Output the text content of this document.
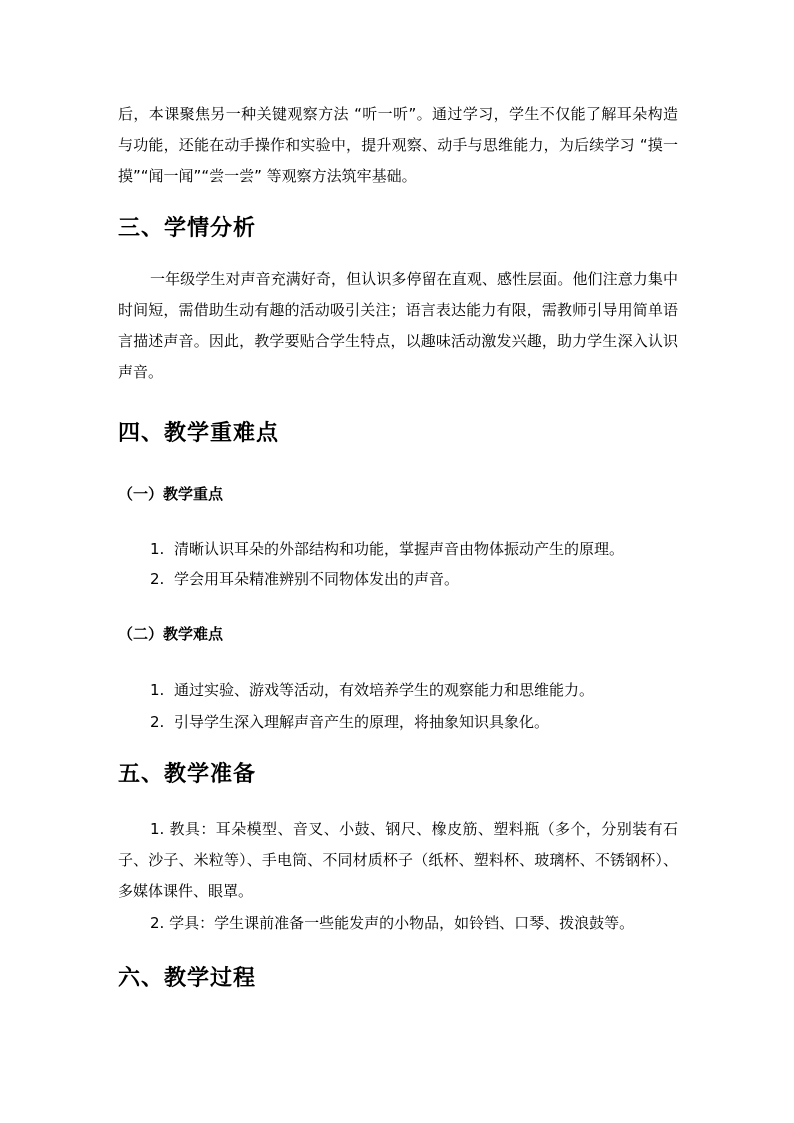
后，本课聚焦另一种关键观察方法 “听一听”。通过学习，学生不仅能了解耳朵构造与功能，还能在动手操作和实验中，提升观察、动手与思维能力，为后续学习 “摸一摸”“闻一闻”“尝一尝” 等观察方法筑牢基础。

三、学情分析

一年级学生对声音充满好奇，但认识多停留在直观、感性层面。他们注意力集中时间短，需借助生动有趣的活动吸引关注；语言表达能力有限，需教师引导用简单语言描述声音。因此，教学要贴合学生特点，以趣味活动激发兴趣，助力学生深入认识声音。

四、教学重难点
（一）教学重点

1. 清晰认识耳朵的外部结构和功能，掌握声音由物体振动产生的原理。

2. 学会用耳朵精准辨别不同物体发出的声音。

（二）教学难点

1. 通过实验、游戏等活动，有效培养学生的观察能力和思维能力。

2. 引导学生深入理解声音产生的原理，将抽象知识具象化。

五、教学准备

1. 教具：耳朵模型、音叉、小鼓、钢尺、橡皮筋、塑料瓶（多个，分别装有石子、沙子、米粒等）、手电筒、不同材质杯子（纸杯、塑料杯、玻璃杯、不锈钢杯）、多媒体课件、眼罩。

2. 学具：学生课前准备一些能发声的小物品，如铃铛、口琴、拨浪鼓等。

六、教学过程
